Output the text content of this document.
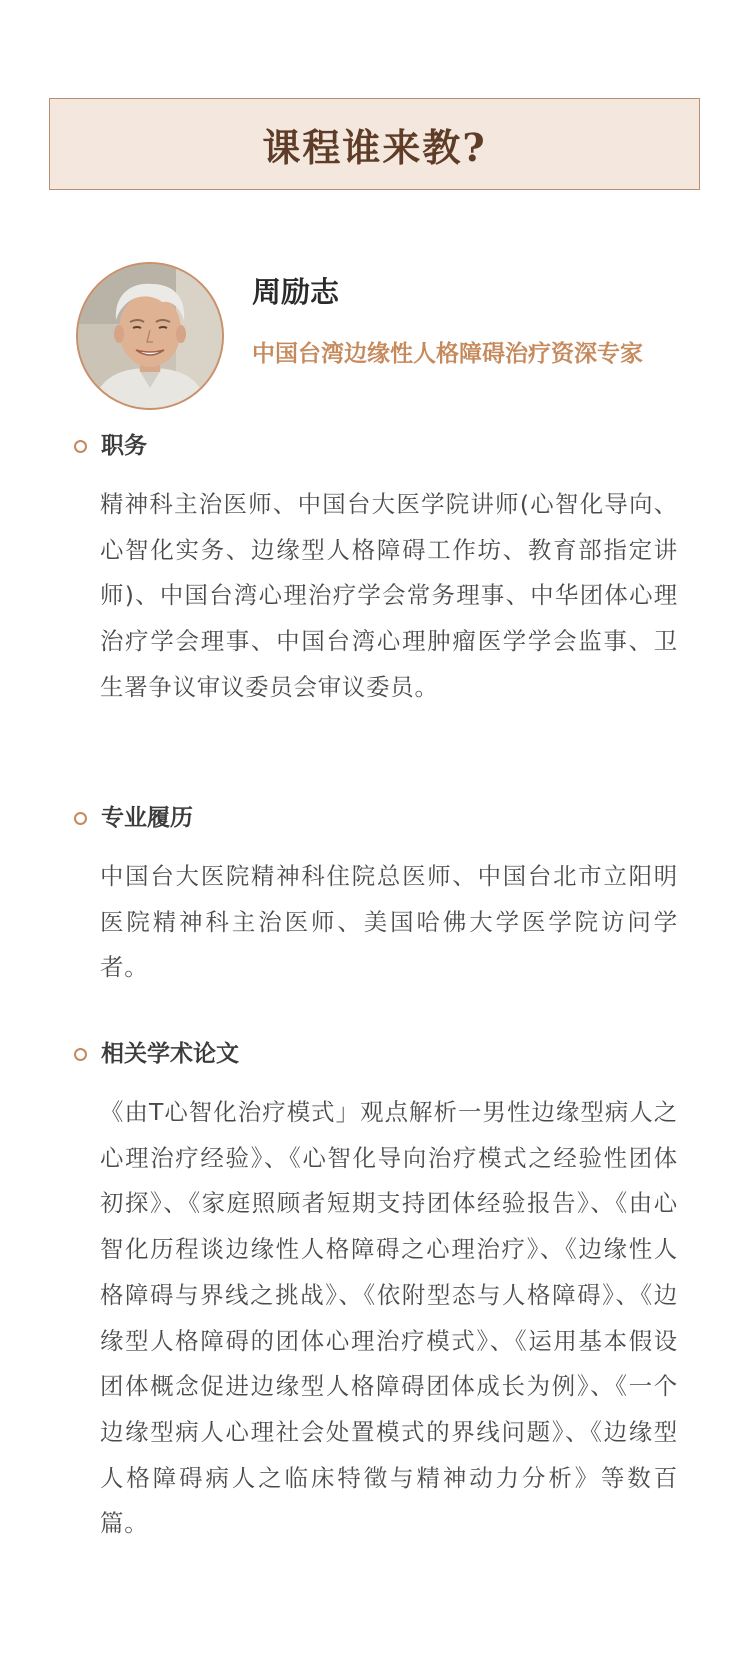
课程谁来教?
周励志

中国台湾边缘性人格障碍治疗资深专家

职务

精神科主治医师、中国台大医学院讲师(心智化导向、心智化实务、边缘型人格障碍工作坊、教育部指定讲师)、中国台湾心理治疗学会常务理事、中华团体心理治疗学会理事、中国台湾心理肿瘤医学学会监事、卫生署争议审议委员会审议委员。

专业履历

中国台大医院精神科住院总医师、中国台北市立阳明医院精神科主治医师、美国哈佛大学医学院访问学者。

相关学术论文

《由T心智化治疗模式」观点解析一男性边缘型病人之心理治疗经验》、《心智化导向治疗模式之经验性团体初探》、《家庭照顾者短期支持团体经验报告》、《由心智化历程谈边缘性人格障碍之心理治疗》、《边缘性人格障碍与界线之挑战》、《依附型态与人格障碍》、《边缘型人格障碍的团体心理治疗模式》、《运用基本假设团体概念促进边缘型人格障碍团体成长为例》、《一个边缘型病人心理社会处置模式的界线问题》、《边缘型人格障碍病人之临床特徵与精神动力分析》等数百篇。
